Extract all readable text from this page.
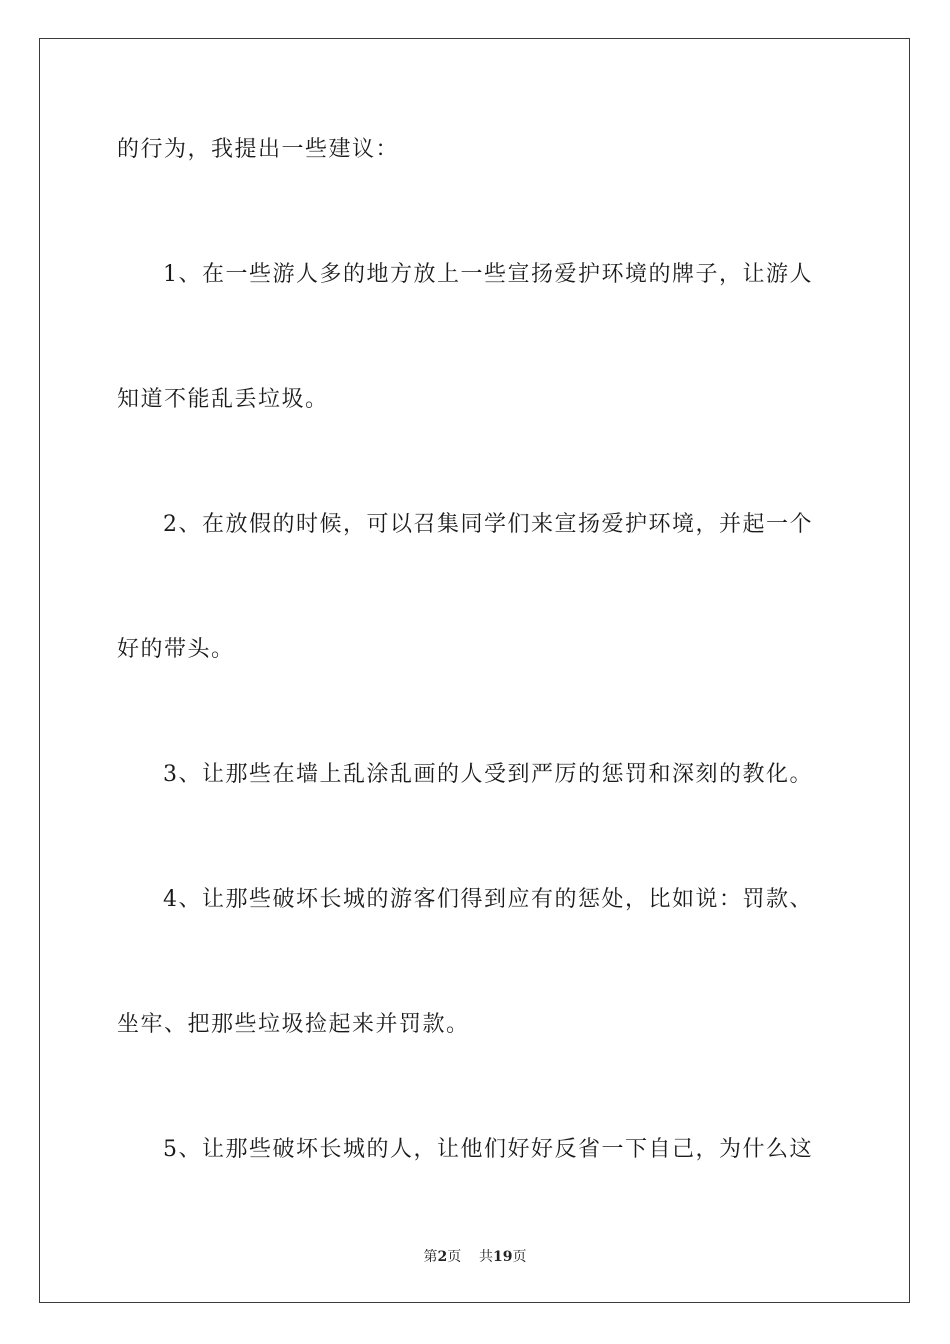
的行为，我提出一些建议：
1、在一些游人多的地方放上一些宣扬爱护环境的牌子，让游人
知道不能乱丢垃圾。
2、在放假的时候，可以召集同学们来宣扬爱护环境，并起一个
好的带头。
3、让那些在墙上乱涂乱画的人受到严厉的惩罚和深刻的教化。
4、让那些破坏长城的游客们得到应有的惩处，比如说：罚款、
坐牢、把那些垃圾捡起来并罚款。
5、让那些破坏长城的人，让他们好好反省一下自己，为什么这
第2页 共19页
